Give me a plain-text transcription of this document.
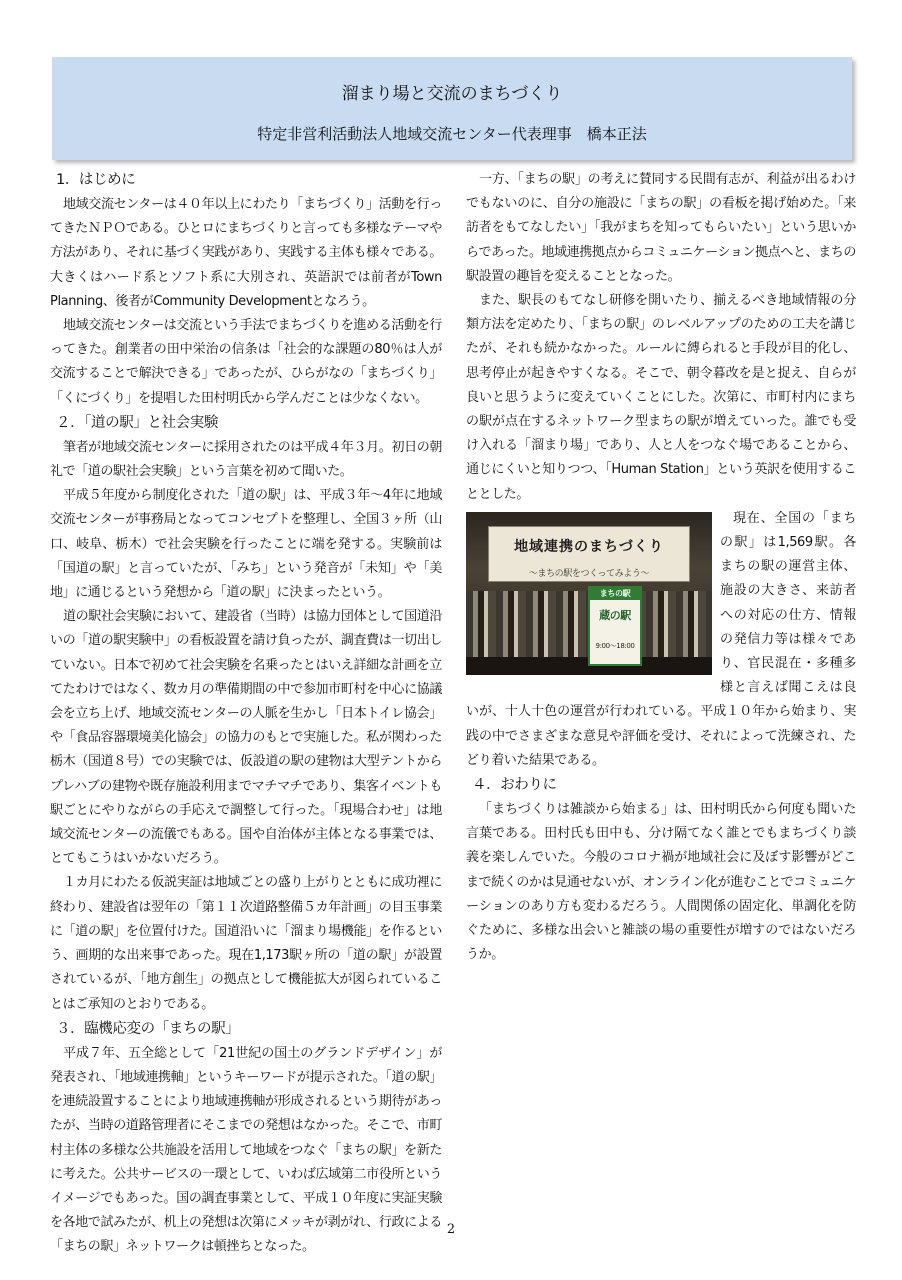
溜まり場と交流のまちづくり
特定非営利活動法人地域交流センター代表理事　橋本正法
1．はじめに

地域交流センターは４０年以上にわたり「まちづくり」活動を行ってきたＮＰＯである。ひとロにまちづくりと言っても多様なテーマや方法があり、それに基づく実践があり、実践する主体も様々である。大きくはハード系とソフト系に大別され、英語訳では前者がTown Planning、後者がCommunity Developmentとなろう。

地域交流センターは交流という手法でまちづくりを進める活動を行ってきた。創業者の田中栄治の信条は「社会的な課題の80％は人が交流することで解決できる」であったが、ひらがなの「まちづくり」「くにづくり」を提唱した田村明氏から学んだことは少なくない。

２．「道の駅」と社会実験

筆者が地域交流センターに採用されたのは平成４年３月。初日の朝礼で「道の駅社会実験」という言葉を初めて聞いた。

平成５年度から制度化された「道の駅」は、平成３年～4年に地域交流センターが事務局となってコンセプトを整理し、全国３ヶ所（山口、岐阜、栃木）で社会実験を行ったことに端を発する。実験前は「国道の駅」と言っていたが、「みち」という発音が「未知」や「美地」に通じるという発想から「道の駅」に決まったという。

道の駅社会実験において、建設省（当時）は協力団体として国道沿いの「道の駅実験中」の看板設置を請け負ったが、調査費は一切出していない。日本で初めて社会実験を名乗ったとはいえ詳細な計画を立てたわけではなく、数カ月の準備期間の中で参加市町村を中心に協議会を立ち上げ、地域交流センターの人脈を生かし「日本トイレ協会」や「食品容器環境美化協会」の協力のもとで実施した。私が関わった栃木（国道８号）での実験では、仮設道の駅の建物は大型テントからプレハブの建物や既存施設利用までマチマチであり、集客イベントも駅ごとにやりながらの手応えで調整して行った。「現場合わせ」は地域交流センターの流儀でもある。国や自治体が主体となる事業では、とてもこうはいかないだろう。

１カ月にわたる仮説実証は地域ごとの盛り上がりとともに成功裡に終わり、建設省は翌年の「第１１次道路整備５カ年計画」の目玉事業に「道の駅」を位置付けた。国道沿いに「溜まり場機能」を作るという、画期的な出来事であった。現在1,173駅ヶ所の「道の駅」が設置されているが、「地方創生」の拠点として機能拡大が図られていることはご承知のとおりである。

３．臨機応変の「まちの駅」

平成７年、五全総として「21世紀の国土のグランドデザイン」が発表され、「地域連携軸」というキーワードが提示された。「道の駅」を連続設置することにより地域連携軸が形成されるという期待があったが、当時の道路管理者にそこまでの発想はなかった。そこで、市町村主体の多様な公共施設を活用して地域をつなぐ「まちの駅」を新たに考えた。公共サービスの一環として、いわば広域第二市役所というイメージでもあった。国の調査事業として、平成１０年度に実証実験を各地で試みたが、机上の発想は次第にメッキが剥がれ、行政による「まちの駅」ネットワークは頓挫ちとなった。

一方、「まちの駅」の考えに賛同する民間有志が、利益が出るわけでもないのに、自分の施設に「まちの駅」の看板を掲げ始めた。「来訪者をもてなしたい」「我がまちを知ってもらいたい」という思いからであった。地域連携拠点からコミュニケーション拠点へと、まちの駅設置の趣旨を変えることとなった。

また、駅長のもてなし研修を開いたり、揃えるべき地域情報の分類方法を定めたり、「まちの駅」のレベルアップのための工夫を講じたが、それも続かなかった。ルールに縛られると手段が目的化し、思考停止が起きやすくなる。そこで、朝令暮改を是と捉え、自らが良いと思うように変えていくことにした。次第に、市町村内にまちの駅が点在するネットワーク型まちの駅が増えていった。誰でも受け入れる「溜まり場」であり、人と人をつなぐ場であることから、通じにくいと知りつつ、「Human Station」という英訳を使用することとした。

地域連携のまちづくり
〜まちの駅をつくってみよう〜
まちの駅
蔵の駅
9:00〜18:00

現在、全国の「まちの駅」は1,569駅。各まちの駅の運営主体、施設の大きさ、来訪者への対応の仕方、情報の発信力等は様々であり、官民混在・多種多様と言えば聞こえは良いが、十人十色の運営が行われている。平成１０年から始まり、実践の中でさまざまな意見や評価を受け、それによって洗練され、たどり着いた結果である。

４．おわりに

「まちづくりは雑談から始まる」は、田村明氏から何度も聞いた言葉である。田村氏も田中も、分け隔てなく誰とでもまちづくり談義を楽しんでいた。今般のコロナ禍が地域社会に及ぼす影響がどこまで続くのかは見通せないが、オンライン化が進むことでコミュニケーションのあり方も変わるだろう。人間関係の固定化、単調化を防ぐために、多様な出会いと雑談の場の重要性が増すのではないだろうか。

2
